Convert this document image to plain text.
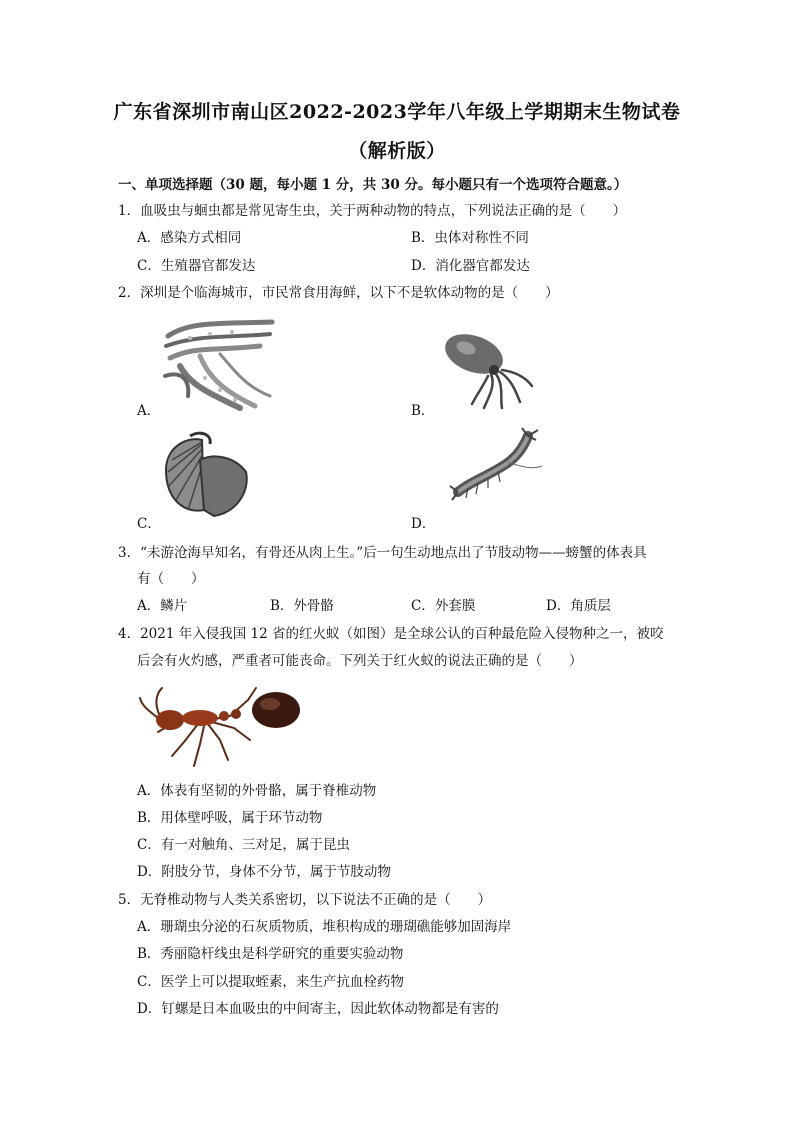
广东省深圳市南山区2022-2023学年八年级上学期期末生物试卷
（解析版）
一、单项选择题（30 题，每小题 1 分，共 30 分。每小题只有一个选项符合题意。）
1．血吸虫与蛔虫都是常见寄生虫，关于两种动物的特点，下列说法正确的是（　　）
A．感染方式相同	B．虫体对称性不同
C．生殖器官都发达	D．消化器官都发达
2．深圳是个临海城市，市民常食用海鲜，以下不是软体动物的是（　　）
A．	B．
C．	D．
3．“未游沧海早知名，有骨还从肉上生。”后一句生动地点出了节肢动物——螃蟹的体表具
有（　　）
A．鳞片	B．外骨骼	C．外套膜	D．角质层
4．2021 年入侵我国 12 省的红火蚁（如图）是全球公认的百种最危险入侵物种之一，被咬
后会有火灼感，严重者可能丧命。下列关于红火蚁的说法正确的是（　　）
A．体表有坚韧的外骨骼，属于脊椎动物
B．用体壁呼吸，属于环节动物
C．有一对触角、三对足，属于昆虫
D．附肢分节，身体不分节，属于节肢动物
5．无脊椎动物与人类关系密切，以下说法不正确的是（　　）
A．珊瑚虫分泌的石灰质物质，堆积构成的珊瑚礁能够加固海岸
B．秀丽隐杆线虫是科学研究的重要实验动物
C．医学上可以提取蛭素，来生产抗血栓药物
D．钉螺是日本血吸虫的中间寄主，因此软体动物都是有害的
